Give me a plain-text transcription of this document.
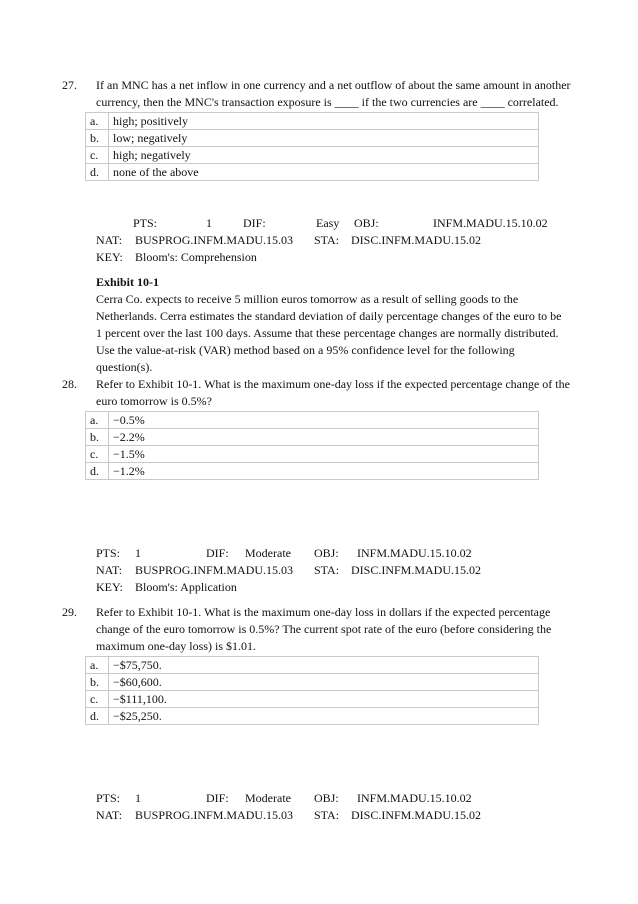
27.	If an MNC has a net inflow in one currency and a net outflow of about the same amount in another currency, then the MNC's transaction exposure is ____ if the two currencies are ____ correlated.
a.	high; positively
b.	low; negatively
c.	high; negatively
d.	none of the above
PTS:	1	DIF:	Easy OBJ:	INFM.MADU.15.10.02
NAT: BUSPROG.INFM.MADU.15.03 STA: DISC.INFM.MADU.15.02
KEY: Bloom's: Comprehension
Exhibit 10-1
Cerra Co. expects to receive 5 million euros tomorrow as a result of selling goods to the Netherlands. Cerra estimates the standard deviation of daily percentage changes of the euro to be 1 percent over the last 100 days. Assume that these percentage changes are normally distributed. Use the value-at-risk (VAR) method based on a 95% confidence level for the following question(s).
28.	Refer to Exhibit 10-1. What is the maximum one-day loss if the expected percentage change of the euro tomorrow is 0.5%?
a.	−0.5%
b.	−2.2%
c.	−1.5%
d.	−1.2%
PTS: 1	DIF: Moderate OBJ: INFM.MADU.15.10.02
NAT: BUSPROG.INFM.MADU.15.03 STA: DISC.INFM.MADU.15.02
KEY: Bloom's: Application
29.	Refer to Exhibit 10-1. What is the maximum one-day loss in dollars if the expected percentage change of the euro tomorrow is 0.5%? The current spot rate of the euro (before considering the maximum one-day loss) is $1.01.
a.	−$75,750.
b.	−$60,600.
c.	−$111,100.
d.	−$25,250.
PTS: 1	DIF: Moderate OBJ: INFM.MADU.15.10.02
NAT: BUSPROG.INFM.MADU.15.03 STA: DISC.INFM.MADU.15.02
